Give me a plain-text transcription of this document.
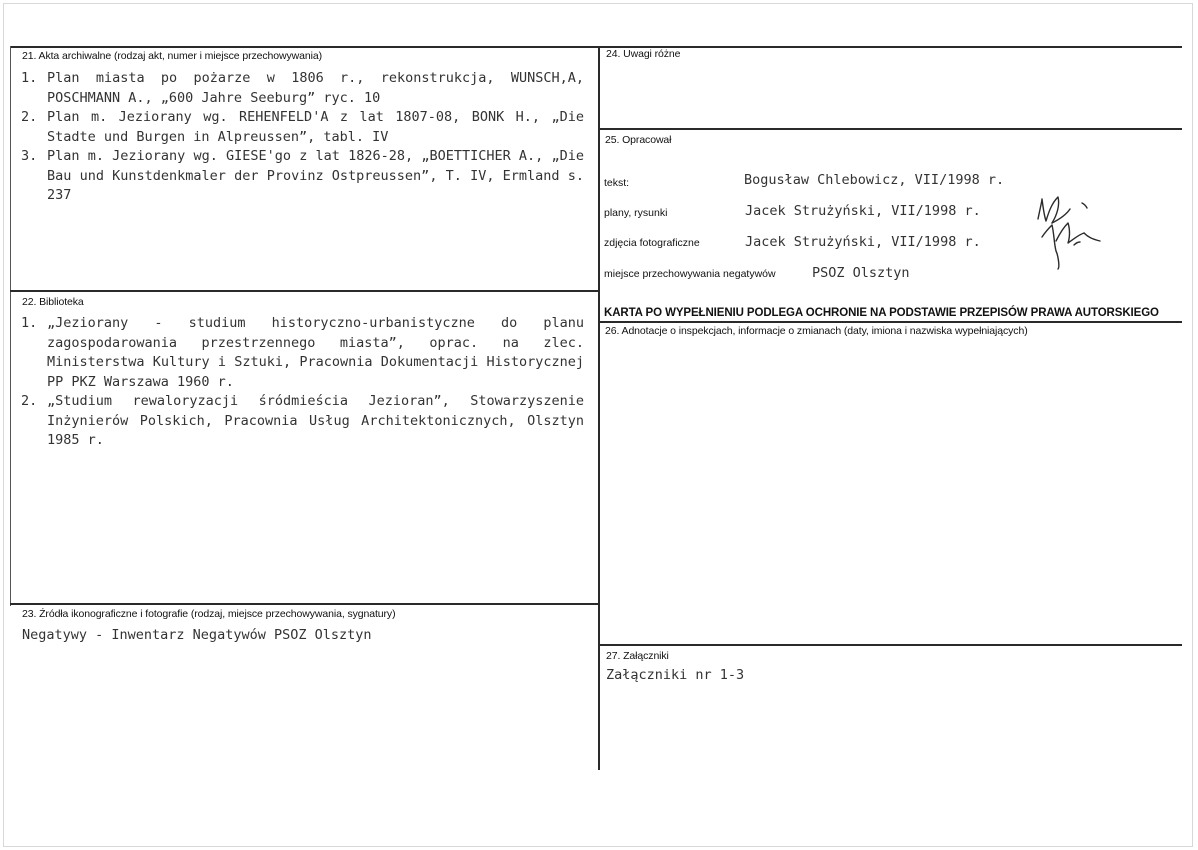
21. Akta archiwalne (rodzaj akt, numer i miejsce przechowywania)
1. Plan miasta po pożarze w 1806 r., rekonstrukcja, WUNSCH,A, POSCHMANN A., „600 Jahre Seeburg” ryc. 10
2. Plan m. Jeziorany wg. REHENFELD'A z lat 1807-08, BONK H., „Die Stadte und Burgen in Alpreussen”, tabl. IV
3. Plan m. Jeziorany wg. GIESE'go z lat 1826-28, „BOETTICHER A., „Die Bau und Kunstdenkmaler der Provinz Ostpreussen”, T. IV, Ermland s. 237
22. Biblioteka
1. „Jeziorany - studium historyczno-urbanistyczne do planu zagospodarowania przestrzennego miasta”, oprac. na zlec. Ministerstwa Kultury i Sztuki, Pracownia Dokumentacji Historycznej PP PKZ Warszawa 1960 r.
2. „Studium rewaloryzacji śródmieścia Jezioran”, Stowarzyszenie Inżynierów Polskich, Pracownia Usług Architektonicznych, Olsztyn 1985 r.
23. Źródła ikonograficzne i fotografie (rodzaj, miejsce przechowywania, sygnatury)
Negatywy - Inwentarz Negatywów PSOZ Olsztyn
24. Uwagi różne
25. Opracował
tekst:	Bogusław Chlebowicz, VII/1998 r.
plany, rysunki	Jacek Strużyński, VII/1998 r.
zdjęcia fotograficzne	Jacek Strużyński, VII/1998 r.
miejsce przechowywania negatywów	PSOZ Olsztyn
KARTA PO WYPEŁNIENIU PODLEGA OCHRONIE NA PODSTAWIE PRZEPISÓW PRAWA AUTORSKIEGO
26. Adnotacje o inspekcjach, informacje o zmianach (daty, imiona i nazwiska wypełniających)
27. Załączniki
Załączniki nr 1-3
